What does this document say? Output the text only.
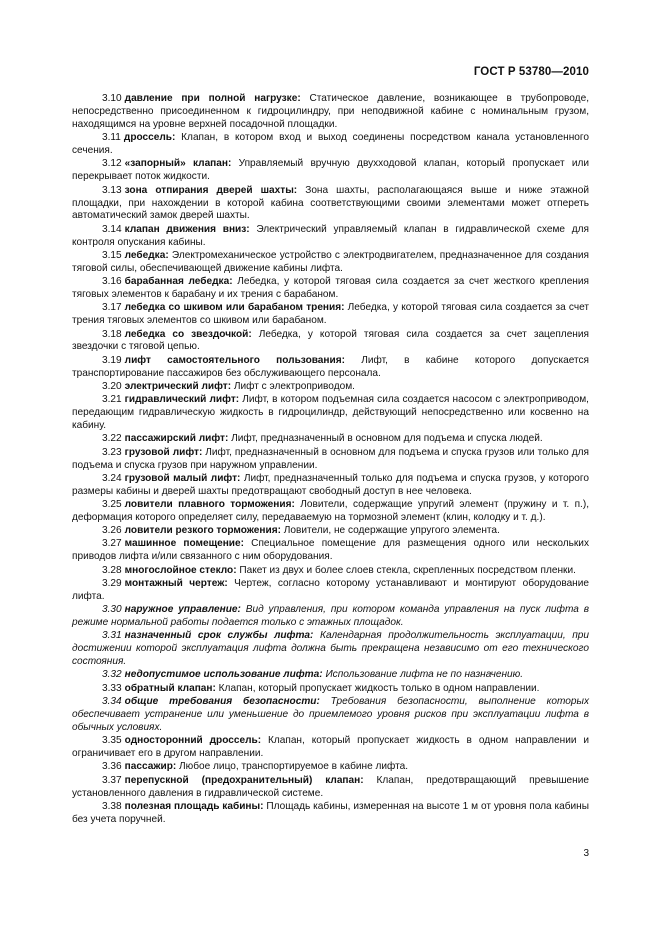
ГОСТ Р 53780—2010

3.10 давление при полной нагрузке: Статическое давление, возникающее в трубопроводе, непосредственно присоединенном к гидроцилиндру, при неподвижной кабине с номинальным грузом, находящимся на уровне верхней посадочной площадки.

3.11 дроссель: Клапан, в котором вход и выход соединены посредством канала установленного сечения.

3.12 «запорный» клапан: Управляемый вручную двухходовой клапан, который пропускает или перекрывает поток жидкости.

3.13 зона отпирания дверей шахты: Зона шахты, располагающаяся выше и ниже этажной площадки, при нахождении в которой кабина соответствующими своими элементами может отпереть автоматический замок дверей шахты.

3.14 клапан движения вниз: Электрический управляемый клапан в гидравлической схеме для контроля опускания кабины.

3.15 лебедка: Электромеханическое устройство с электродвигателем, предназначенное для создания тяговой силы, обеспечивающей движение кабины лифта.

3.16 барабанная лебедка: Лебедка, у которой тяговая сила создается за счет жесткого крепления тяговых элементов к барабану и их трения с барабаном.

3.17 лебедка со шкивом или барабаном трения: Лебедка, у которой тяговая сила создается за счет трения тяговых элементов со шкивом или барабаном.

3.18 лебедка со звездочкой: Лебедка, у которой тяговая сила создается за счет зацепления звездочки с тяговой цепью.

3.19 лифт самостоятельного пользования: Лифт, в кабине которого допускается транспортирование пассажиров без обслуживающего персонала.

3.20 электрический лифт: Лифт с электроприводом.

3.21 гидравлический лифт: Лифт, в котором подъемная сила создается насосом с электроприводом, передающим гидравлическую жидкость в гидроцилиндр, действующий непосредственно или косвенно на кабину.

3.22 пассажирский лифт: Лифт, предназначенный в основном для подъема и спуска людей.

3.23 грузовой лифт: Лифт, предназначенный в основном для подъема и спуска грузов или только для подъема и спуска грузов при наружном управлении.

3.24 грузовой малый лифт: Лифт, предназначенный только для подъема и спуска грузов, у которого размеры кабины и дверей шахты предотвращают свободный доступ в нее человека.

3.25 ловители плавного торможения: Ловители, содержащие упругий элемент (пружину и т. п.), деформация которого определяет силу, передаваемую на тормозной элемент (клин, колодку и т. д.).

3.26 ловители резкого торможения: Ловители, не содержащие упругого элемента.

3.27 машинное помещение: Специальное помещение для размещения одного или нескольких приводов лифта и/или связанного с ним оборудования.

3.28 многослойное стекло: Пакет из двух и более слоев стекла, скрепленных посредством пленки.

3.29 монтажный чертеж: Чертеж, согласно которому устанавливают и монтируют оборудование лифта.

3.30 наружное управление: Вид управления, при котором команда управления на пуск лифта в режиме нормальной работы подается только с этажных площадок.

3.31 назначенный срок службы лифта: Календарная продолжительность эксплуатации, при достижении которой эксплуатация лифта должна быть прекращена независимо от его технического состояния.

3.32 недопустимое использование лифта: Использование лифта не по назначению.

3.33 обратный клапан: Клапан, который пропускает жидкость только в одном направлении.

3.34 общие требования безопасности: Требования безопасности, выполнение которых обеспечивает устранение или уменьшение до приемлемого уровня рисков при эксплуатации лифта в обычных условиях.

3.35 односторонний дроссель: Клапан, который пропускает жидкость в одном направлении и ограничивает его в другом направлении.

3.36 пассажир: Любое лицо, транспортируемое в кабине лифта.

3.37 перепускной (предохранительный) клапан: Клапан, предотвращающий превышение установленного давления в гидравлической системе.

3.38 полезная площадь кабины: Площадь кабины, измеренная на высоте 1 м от уровня пола кабины без учета поручней.

3
